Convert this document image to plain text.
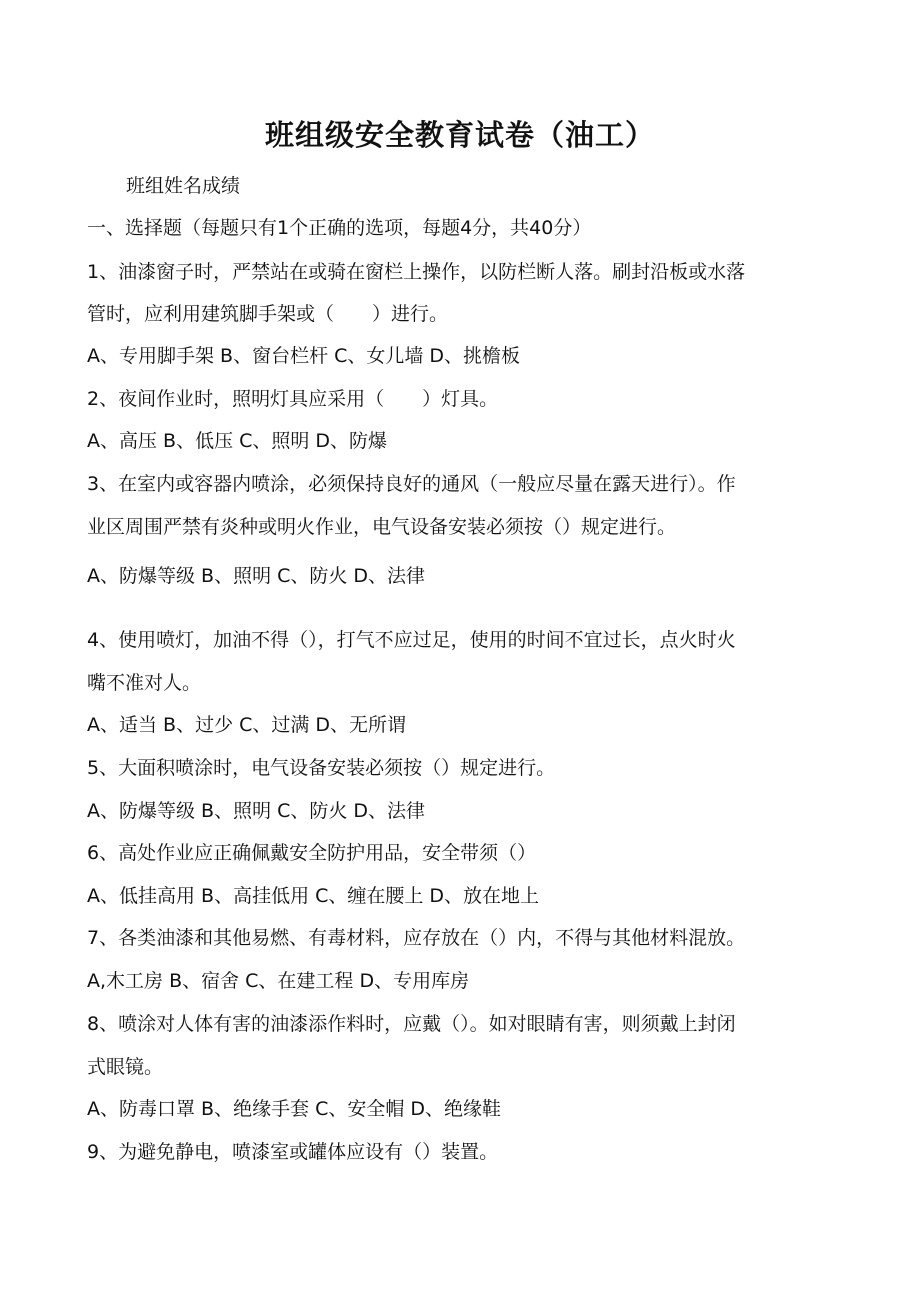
班组级安全教育试卷（油工）
班组姓名成绩
一、选择题（每题只有1个正确的选项，每题4分，共40分）
1、油漆窗子时，严禁站在或骑在窗栏上操作，以防栏断人落。刷封沿板或水落
管时，应利用建筑脚手架或（　　）进行。
A、专用脚手架 B、窗台栏杆 C、女儿墙 D、挑檐板
2、夜间作业时，照明灯具应采用（　　）灯具。
A、高压 B、低压 C、照明 D、防爆
3、在室内或容器内喷涂，必须保持良好的通风（一般应尽量在露天进行）。作
业区周围严禁有炎种或明火作业，电气设备安装必须按（）规定进行。
A、防爆等级 B、照明 C、防火 D、法律
4、使用喷灯，加油不得（），打气不应过足，使用的时间不宜过长，点火时火
嘴不准对人。
A、适当 B、过少 C、过满 D、无所谓
5、大面积喷涂时，电气设备安装必须按（）规定进行。
A、防爆等级 B、照明 C、防火 D、法律
6、高处作业应正确佩戴安全防护用品，安全带须（）
A、低挂高用 B、高挂低用 C、缠在腰上 D、放在地上
7、各类油漆和其他易燃、有毒材料，应存放在（）内，不得与其他材料混放。
A,木工房 B、宿舍 C、在建工程 D、专用库房
8、喷涂对人体有害的油漆添作料时，应戴（）。如对眼睛有害，则须戴上封闭
式眼镜。
A、防毒口罩 B、绝缘手套 C、安全帽 D、绝缘鞋
9、为避免静电，喷漆室或罐体应设有（）装置。
